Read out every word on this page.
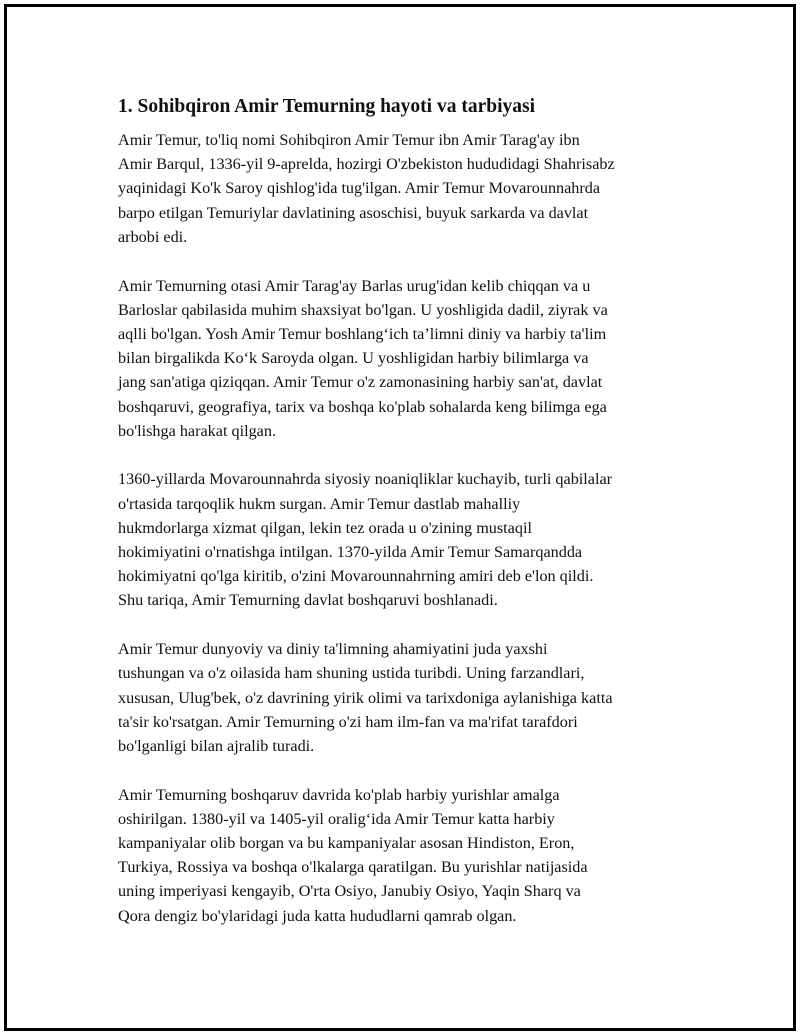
1. Sohibqiron Amir Temurning hayoti va tarbiyasi
Amir Temur, to'liq nomi Sohibqiron Amir Temur ibn Amir Tarag'ay ibn
Amir Barqul, 1336-yil 9-aprelda, hozirgi O'zbekiston hududidagi Shahrisabz
yaqinidagi Ko'k Saroy qishlog'ida tug'ilgan. Amir Temur Movarounnahrda
barpo etilgan Temuriylar davlatining asoschisi, buyuk sarkarda va davlat
arbobi edi.
Amir Temurning otasi Amir Tarag'ay Barlas urug'idan kelib chiqqan va u
Barloslar qabilasida muhim shaxsiyat bo'lgan. U yoshligida dadil, ziyrak va
aqlli bo'lgan. Yosh Amir Temur boshlang‘ich ta’limni diniy va harbiy ta'lim
bilan birgalikda Ko‘k Saroyda olgan. U yoshligidan harbiy bilimlarga va
jang san'atiga qiziqqan. Amir Temur o'z zamonasining harbiy san'at, davlat
boshqaruvi, geografiya, tarix va boshqa ko'plab sohalarda keng bilimga ega
bo'lishga harakat qilgan.
1360-yillarda Movarounnahrda siyosiy noaniqliklar kuchayib, turli qabilalar
o'rtasida tarqoqlik hukm surgan. Amir Temur dastlab mahalliy
hukmdorlarga xizmat qilgan, lekin tez orada u o'zining mustaqil
hokimiyatini o'rnatishga intilgan. 1370-yilda Amir Temur Samarqandda
hokimiyatni qo'lga kiritib, o'zini Movarounnahrning amiri deb e'lon qildi.
Shu tariqa, Amir Temurning davlat boshqaruvi boshlanadi.
Amir Temur dunyoviy va diniy ta'limning ahamiyatini juda yaxshi
tushungan va o'z oilasida ham shuning ustida turibdi. Uning farzandlari,
xususan, Ulug'bek, o'z davrining yirik olimi va tarixdoniga aylanishiga katta
ta'sir ko'rsatgan. Amir Temurning o'zi ham ilm-fan va ma'rifat tarafdori
bo'lganligi bilan ajralib turadi.
Amir Temurning boshqaruv davrida ko'plab harbiy yurishlar amalga
oshirilgan. 1380-yil va 1405-yil oralig‘ida Amir Temur katta harbiy
kampaniyalar olib borgan va bu kampaniyalar asosan Hindiston, Eron,
Turkiya, Rossiya va boshqa o'lkalarga qaratilgan. Bu yurishlar natijasida
uning imperiyasi kengayib, O'rta Osiyo, Janubiy Osiyo, Yaqin Sharq va
Qora dengiz bo'ylaridagi juda katta hududlarni qamrab olgan.
